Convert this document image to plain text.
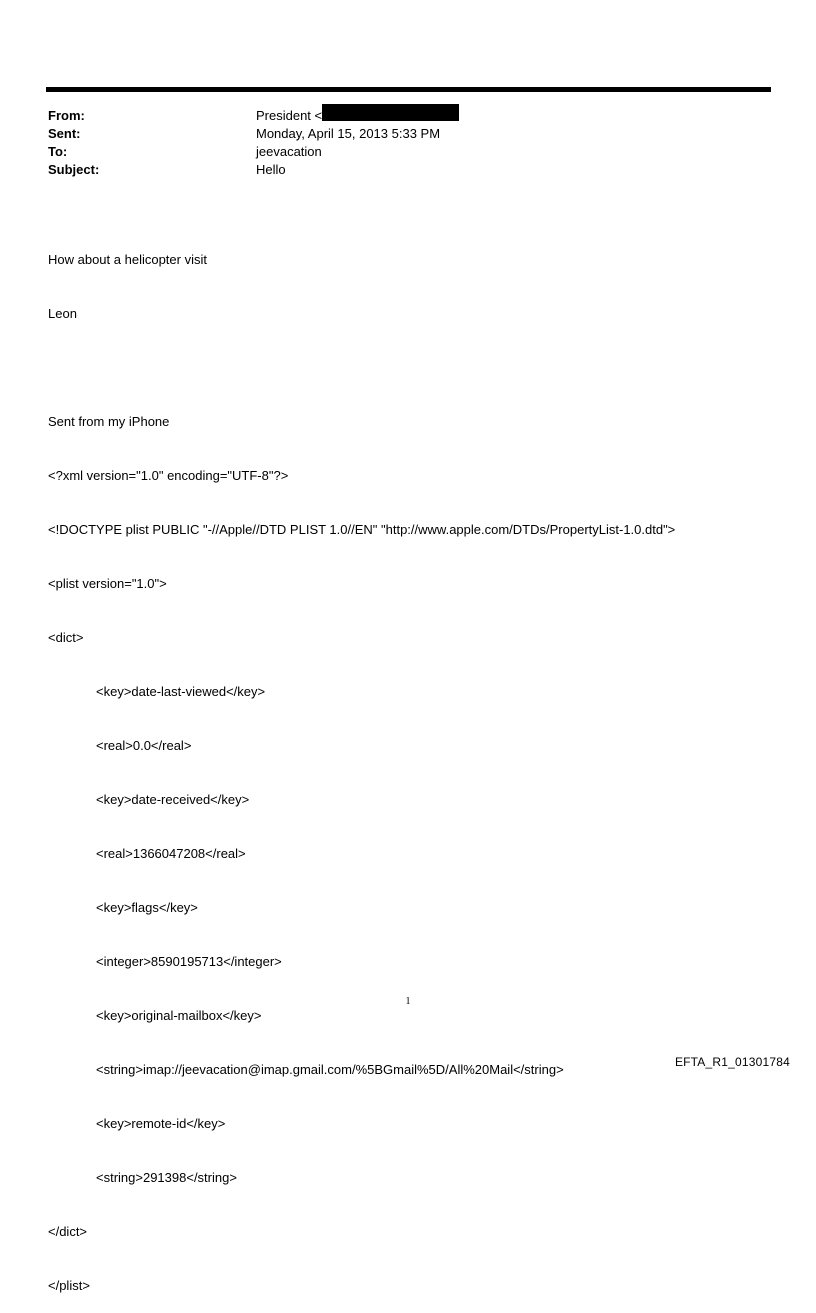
From:	President <
Sent:	Monday, April 15, 2013 5:33 PM
To:	jeevacation
Subject:	Hello

How about a helicopter visit

Leon

Sent from my iPhone

<?xml version="1.0" encoding="UTF-8"?>

<!DOCTYPE plist PUBLIC "-//Apple//DTD PLIST 1.0//EN" "http://www.apple.com/DTDs/PropertyList-1.0.dtd">

<plist version="1.0">

<dict>

<key>date-last-viewed</key>

<real>0.0</real>

<key>date-received</key>

<real>1366047208</real>

<key>flags</key>

<integer>8590195713</integer>

<key>original-mailbox</key>

<string>imap://jeevacation@imap.gmail.com/%5BGmail%5D/All%20Mail</string>

<key>remote-id</key>

<string>291398</string>

</dict>

</plist>

1
EFTA_R1_01301784
